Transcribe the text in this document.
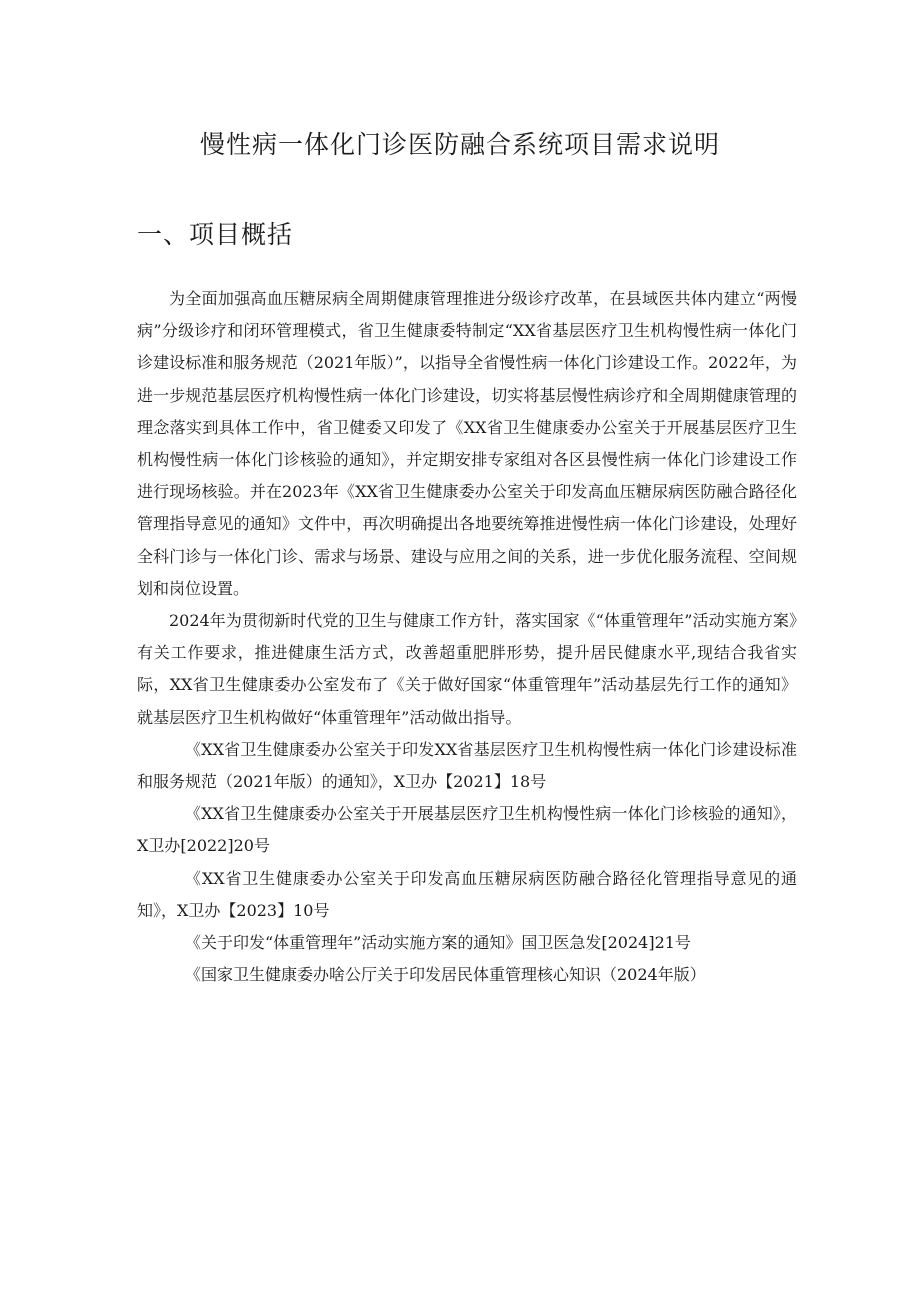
慢性病一体化门诊医防融合系统项目需求说明
一、项目概括

为全面加强高血压糖尿病全周期健康管理推进分级诊疗改革，在县域医共体内建立“两慢病”分级诊疗和闭环管理模式，省卫生健康委特制定“XX省基层医疗卫生机构慢性病一体化门诊建设标准和服务规范（2021年版）”，以指导全省慢性病一体化门诊建设工作。2022年，为进一步规范基层医疗机构慢性病一体化门诊建设，切实将基层慢性病诊疗和全周期健康管理的理念落实到具体工作中，省卫健委又印发了《XX省卫生健康委办公室关于开展基层医疗卫生机构慢性病一体化门诊核验的通知》，并定期安排专家组对各区县慢性病一体化门诊建设工作进行现场核验。并在2023年《XX省卫生健康委办公室关于印发高血压糖尿病医防融合路径化管理指导意见的通知》文件中，再次明确提出各地要统筹推进慢性病一体化门诊建设，处理好全科门诊与一体化门诊、需求与场景、建设与应用之间的关系，进一步优化服务流程、空间规划和岗位设置。

2024年为贯彻新时代党的卫生与健康工作方针，落实国家《“体重管理年”活动实施方案》有关工作要求，推进健康生活方式，改善超重肥胖形势，提升居民健康水平,现结合我省实际，XX省卫生健康委办公室发布了《关于做好国家“体重管理年”活动基层先行工作的通知》就基层医疗卫生机构做好“体重管理年”活动做出指导。

《XX省卫生健康委办公室关于印发XX省基层医疗卫生机构慢性病一体化门诊建设标准和服务规范（2021年版）的通知》，X卫办【2021】18号

《XX省卫生健康委办公室关于开展基层医疗卫生机构慢性病一体化门诊核验的通知》，X卫办[2022]20号

《XX省卫生健康委办公室关于印发高血压糖尿病医防融合路径化管理指导意见的通知》，X卫办【2023】10号

《关于印发“体重管理年”活动实施方案的通知》国卫医急发[2024]21号

《国家卫生健康委办啥公厅关于印发居民体重管理核心知识（2024年版）
